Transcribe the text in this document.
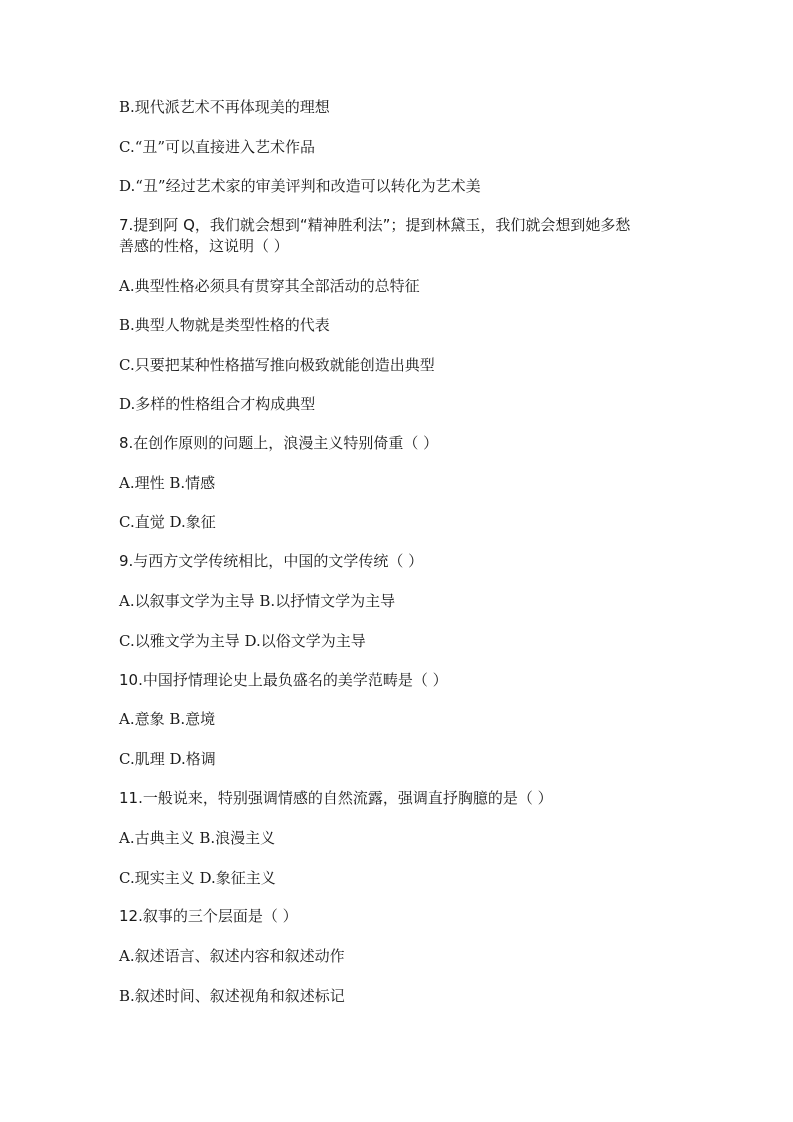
B.现代派艺术不再体现美的理想
C.“丑”可以直接进入艺术作品
D.“丑”经过艺术家的审美评判和改造可以转化为艺术美
7.提到阿 Q，我们就会想到“精神胜利法”；提到林黛玉，我们就会想到她多愁
善感的性格，这说明（ ）
A.典型性格必须具有贯穿其全部活动的总特征
B.典型人物就是类型性格的代表
C.只要把某种性格描写推向极致就能创造出典型
D.多样的性格组合才构成典型
8.在创作原则的问题上，浪漫主义特别倚重（ ）
A.理性 B.情感
C.直觉 D.象征
9.与西方文学传统相比，中国的文学传统（ ）
A.以叙事文学为主导 B.以抒情文学为主导
C.以雅文学为主导 D.以俗文学为主导
10.中国抒情理论史上最负盛名的美学范畴是（ ）
A.意象 B.意境
C.肌理 D.格调
11.一般说来，特别强调情感的自然流露，强调直抒胸臆的是（ ）
A.古典主义 B.浪漫主义
C.现实主义 D.象征主义
12.叙事的三个层面是（ ）
A.叙述语言、叙述内容和叙述动作
B.叙述时间、叙述视角和叙述标记
